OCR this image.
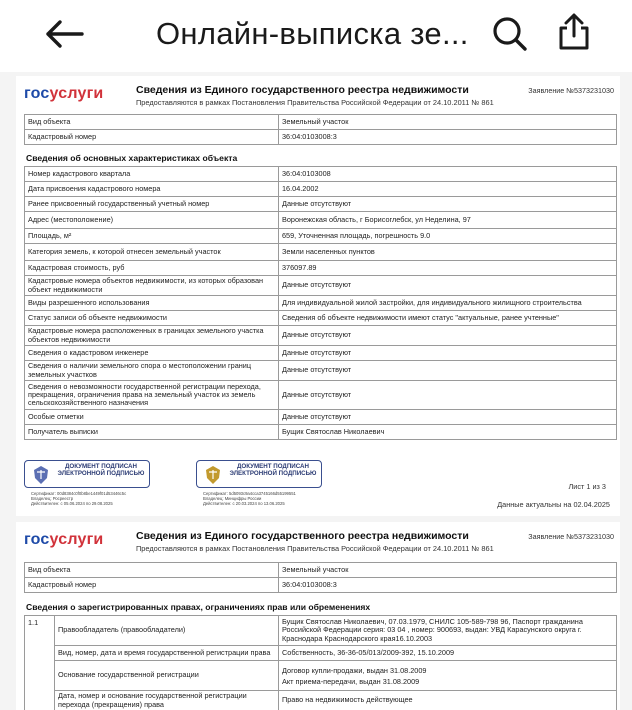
Онлайн-выписка зе...
госуслуги	Сведения из Единого государственного реестра недвижимости
Предоставляются в рамках Постановления Правительства Российской Федерации от 24.10.2011 № 861
Заявление №5373231030
Вид объекта	Земельный участок
Кадастровый номер	36:04:0103008:3
Сведения об основных характеристиках объекта
Номер кадастрового квартала	36:04:0103008
Дата присвоения кадастрового номера	16.04.2002
Ранее присвоенный государственный учетный номер	Данные отсутствуют
Адрес (местоположение)	Воронежская область, г Борисоглебск, ул Неделина, 97
Площадь, м²	659, Уточненная площадь, погрешность 9.0
Категория земель, к которой отнесен земельный участок	Земли населенных пунктов
Кадастровая стоимость, руб	376097.89
Кадастровые номера объектов недвижимости, из которых образован объект недвижимости	Данные отсутствуют
Виды разрешенного использования	Для индивидуальной жилой застройки, для индивидуального жилищного строительства
Статус записи об объекте недвижимости	Сведения об объекте недвижимости имеют статус "актуальные, ранее учтенные"
Кадастровые номера расположенных в границах земельного участка объектов недвижимости	Данные отсутствуют
Сведения о кадастровом инженере	Данные отсутствуют
Сведения о наличии земельного спора о местоположении границ земельных участков	Данные отсутствуют
Сведения о невозможности государственной регистрации перехода, прекращения, ограничения права на земельный участок из земель сельскохозяйственного назначения	Данные отсутствуют
Особые отметки	Данные отсутствуют
Получатель выписки	Бущик Святослав Николаевич
ДОКУМЕНТ ПОДПИСАН ЭЛЕКТРОННОЙ ПОДПИСЬЮ
Сертификат: 00d8384c0f0b8be1449f01d53446c5c
Владелец: Росреестр
Действителен: с 05.06.2024 по 29.08.2025
ДОКУМЕНТ ПОДПИСАН ЭЛЕКТРОННОЙ ПОДПИСЬЮ
Сертификат: 5d5093c9a4cca3745166d55199551
Владелец: Минцифры России
Действителен: с 20.03.2024 по 13.06.2025
Лист 1 из 3
Данные актуальны на 02.04.2025
госуслуги	Сведения из Единого государственного реестра недвижимости
Предоставляются в рамках Постановления Правительства Российской Федерации от 24.10.2011 № 861
Заявление №5373231030
Вид объекта	Земельный участок
Кадастровый номер	36:04:0103008:3
Сведения о зарегистрированных правах, ограничениях прав или обременениях
1.1	Правообладатель (правообладатели)	Бущик Святослав Николаевич, 07.03.1979, СНИЛС 105-589-798 96, Паспорт гражданина Российской Федерации серия: 03 04 , номер: 900693, выдан: УВД Карасунского округа г. Краснодара Краснодарского края16.10.2003
	Вид, номер, дата и время государственной регистрации права	Собственность, 36-36-05/013/2009-392, 15.10.2009
	Основание государственной регистрации	Договор купли-продажи, выдан 31.08.2009
Акт приема-передачи, выдан 31.08.2009
	Дата, номер и основание государственной регистрации перехода (прекращения) права	Право на недвижимость действующее
